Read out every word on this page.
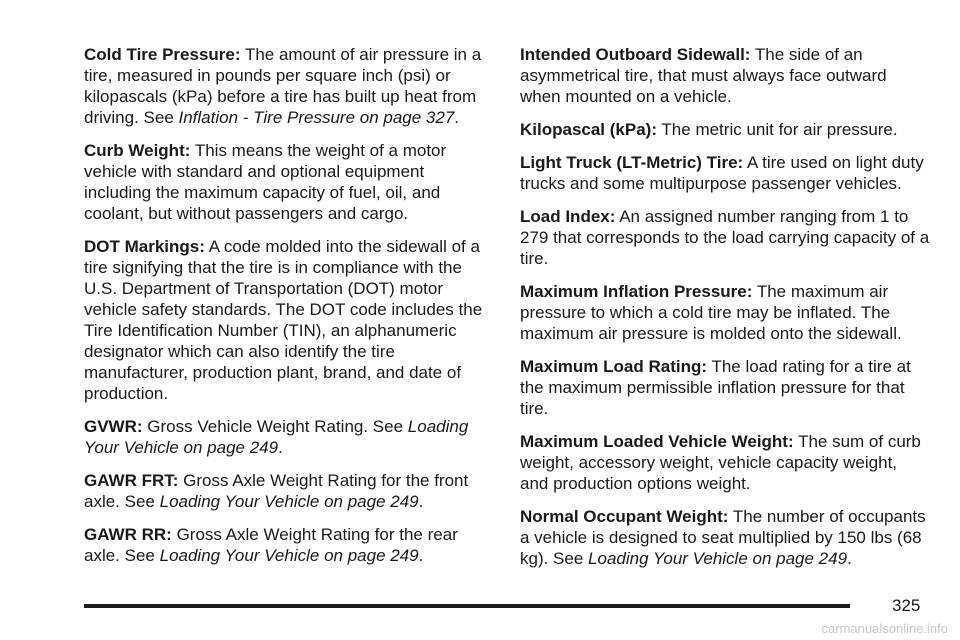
Cold Tire Pressure: The amount of air pressure in a tire, measured in pounds per square inch (psi) or kilopascals (kPa) before a tire has built up heat from driving. See Inflation - Tire Pressure on page 327.

Curb Weight: This means the weight of a motor vehicle with standard and optional equipment including the maximum capacity of fuel, oil, and coolant, but without passengers and cargo.

DOT Markings: A code molded into the sidewall of a tire signifying that the tire is in compliance with the U.S. Department of Transportation (DOT) motor vehicle safety standards. The DOT code includes the Tire Identification Number (TIN), an alphanumeric designator which can also identify the tire manufacturer, production plant, brand, and date of production.

GVWR: Gross Vehicle Weight Rating. See Loading Your Vehicle on page 249.

GAWR FRT: Gross Axle Weight Rating for the front axle. See Loading Your Vehicle on page 249.

GAWR RR: Gross Axle Weight Rating for the rear axle. See Loading Your Vehicle on page 249.

Intended Outboard Sidewall: The side of an asymmetrical tire, that must always face outward when mounted on a vehicle.

Kilopascal (kPa): The metric unit for air pressure.

Light Truck (LT-Metric) Tire: A tire used on light duty trucks and some multipurpose passenger vehicles.

Load Index: An assigned number ranging from 1 to 279 that corresponds to the load carrying capacity of a tire.

Maximum Inflation Pressure: The maximum air pressure to which a cold tire may be inflated. The maximum air pressure is molded onto the sidewall.

Maximum Load Rating: The load rating for a tire at the maximum permissible inflation pressure for that tire.

Maximum Loaded Vehicle Weight: The sum of curb weight, accessory weight, vehicle capacity weight, and production options weight.

Normal Occupant Weight: The number of occupants a vehicle is designed to seat multiplied by 150 lbs (68 kg). See Loading Your Vehicle on page 249.

325
carmanualsonline.info
